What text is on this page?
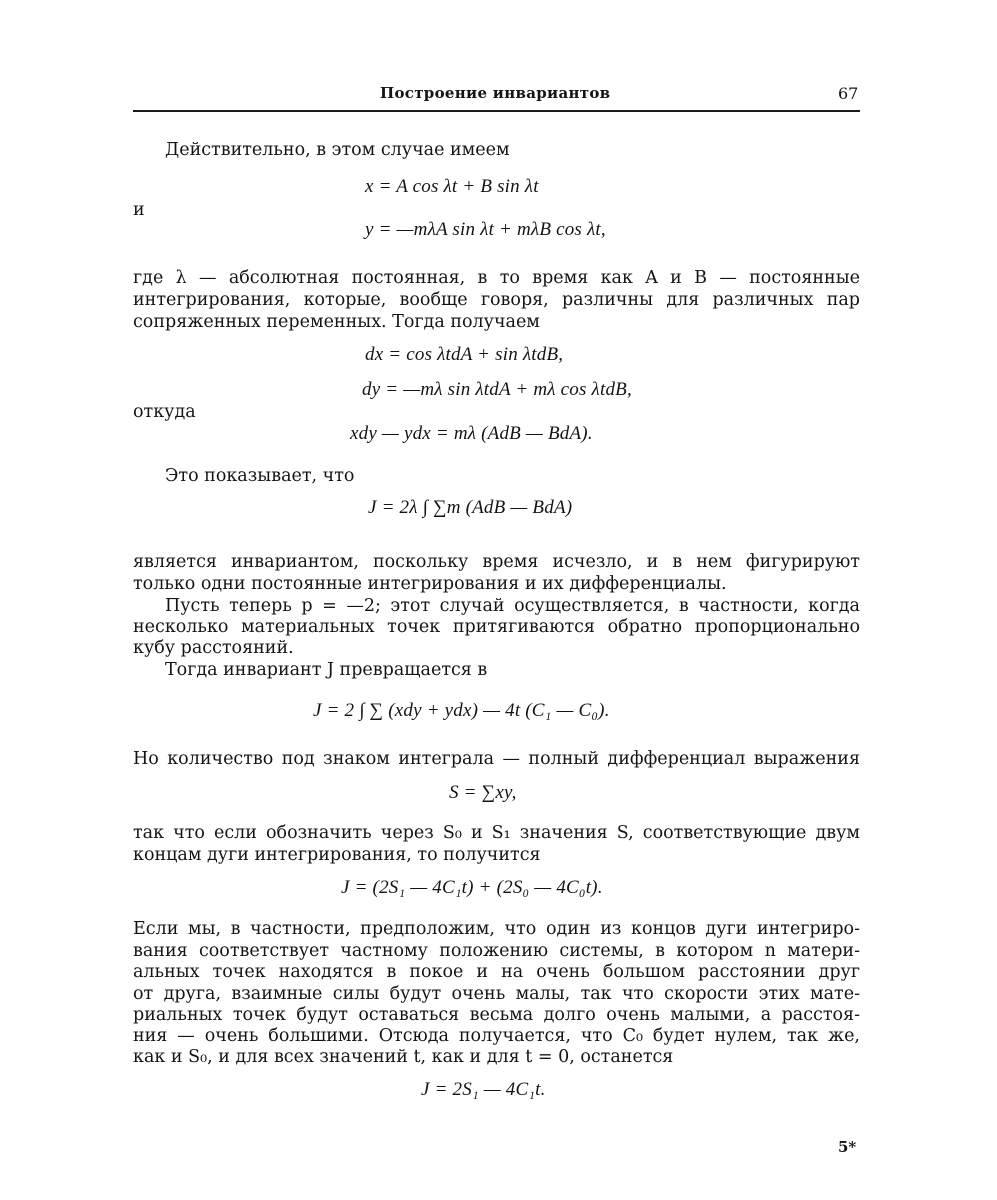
Построение инвариантов	67
Действительно, в этом случае имеем
x = A cos λt + B sin λt
и
y = —mλA sin λt + mλB cos λt,
где λ — абсолютная постоянная, в то время как A и B — постоянные
интегрирования, которые, вообще говоря, различны для различных пар
сопряженных переменных. Тогда получаем
dx = cos λtdA + sin λtdB,
dy = —mλ sin λtdA + mλ cos λtdB,
откуда
xdy — ydx = mλ (AdB — BdA).
Это показывает, что
J = 2λ ∫ ∑m (AdB — BdA)
является инвариантом, поскольку время исчезло, и в нем фигурируют
только одни постоянные интегрирования и их дифференциалы.
Пусть теперь p = —2; этот случай осуществляется, в частности, когда
несколько материальных точек притягиваются обратно пропорционально
кубу расстояний.
Тогда инвариант J превращается в
J = 2 ∫ ∑ (xdy + ydx) — 4t (C₁ — C₀).
Но количество под знаком интеграла — полный дифференциал выражения
S = ∑xy,
так что если обозначить через S₀ и S₁ значения S, соответствующие двум
концам дуги интегрирования, то получится
J = (2S₁ — 4C₁t) + (2S₀ — 4C₀t).
Если мы, в частности, предположим, что один из концов дуги интегриро-
вания соответствует частному положению системы, в котором n матери-
альных точек находятся в покое и на очень большом расстоянии друг
от друга, взаимные силы будут очень малы, так что скорости этих мате-
риальных точек будут оставаться весьма долго очень малыми, а расстоя-
ния — очень большими. Отсюда получается, что C₀ будет нулем, так же,
как и S₀, и для всех значений t, как и для t = 0, останется
J = 2S₁ — 4C₁t.
5*
